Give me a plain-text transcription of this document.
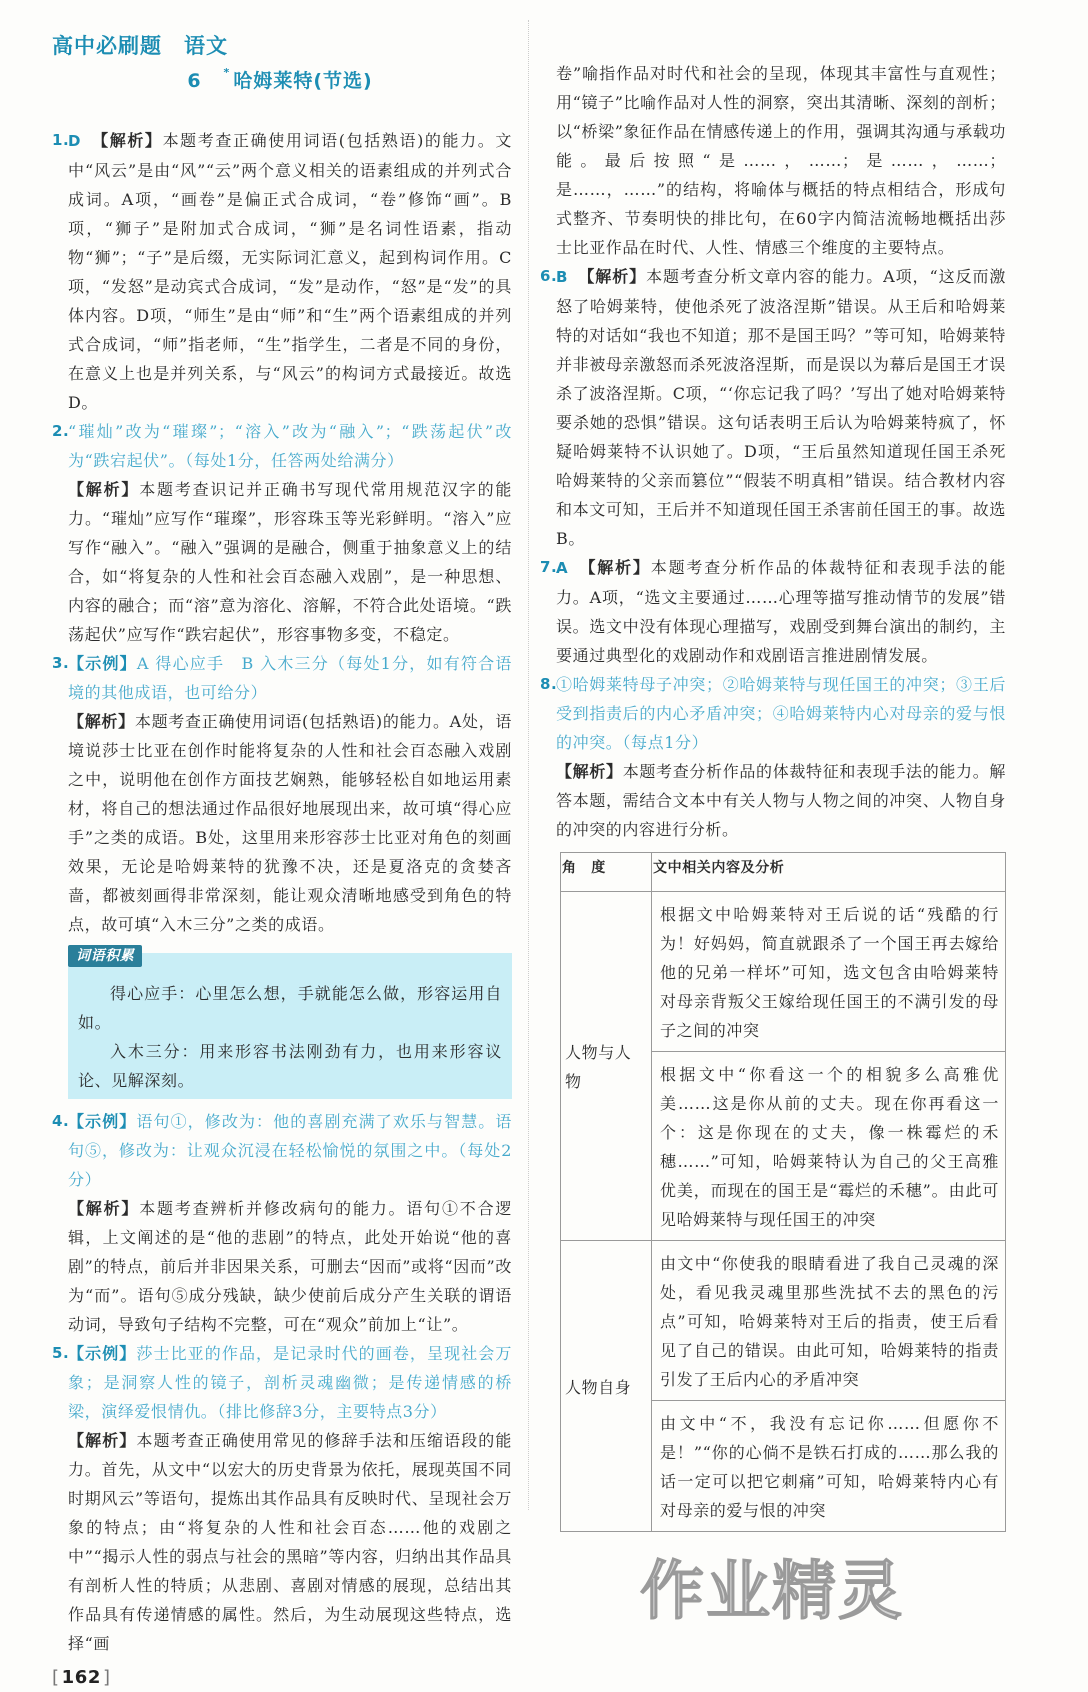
高中必刷题 语文
6 * 哈姆莱特(节选)
1.

D 【解析】本题考查正确使用词语(包括熟语)的能力。文中“风云”是由“风”“云”两个意义相关的语素组成的并列式合成词。A项，“画卷”是偏正式合成词，“卷”修饰“画”。B项，“狮子”是附加式合成词，“狮”是名词性语素，指动物“狮”；“子”是后缀，无实际词汇意义，起到构词作用。C项，“发怒”是动宾式合成词，“发”是动作，“怒”是“发”的具体内容。D项，“师生”是由“师”和“生”两个语素组成的并列式合成词，“师”指老师，“生”指学生，二者是不同的身份，在意义上也是并列关系，与“风云”的构词方式最接近。故选D。

2.

“璀灿”改为“璀璨”；“溶入”改为“融入”；“跌荡起伏”改为“跌宕起伏”。（每处1分，任答两处给满分）

【解析】本题考查识记并正确书写现代常用规范汉字的能力。“璀灿”应写作“璀璨”，形容珠玉等光彩鲜明。“溶入”应写作“融入”。“融入”强调的是融合，侧重于抽象意义上的结合，如“将复杂的人性和社会百态融入戏剧”，是一种思想、内容的融合；而“溶”意为溶化、溶解，不符合此处语境。“跌荡起伏”应写作“跌宕起伏”，形容事物多变，不稳定。

3.

【示例】A 得心应手　B 入木三分（每处1分，如有符合语境的其他成语，也可给分）

【解析】本题考查正确使用词语(包括熟语)的能力。A处，语境说莎士比亚在创作时能将复杂的人性和社会百态融入戏剧之中，说明他在创作方面技艺娴熟，能够轻松自如地运用素材，将自己的想法通过作品很好地展现出来，故可填“得心应手”之类的成语。B处，这里用来形容莎士比亚对角色的刻画效果，无论是哈姆莱特的犹豫不决，还是夏洛克的贪婪吝啬，都被刻画得非常深刻，能让观众清晰地感受到角色的特点，故可填“入木三分”之类的成语。

词语积累

得心应手：心里怎么想，手就能怎么做，形容运用自如。

入木三分：用来形容书法刚劲有力，也用来形容议论、见解深刻。

4.

【示例】语句①，修改为：他的喜剧充满了欢乐与智慧。语句⑤，修改为：让观众沉浸在轻松愉悦的氛围之中。（每处2分）

【解析】本题考查辨析并修改病句的能力。语句①不合逻辑，上文阐述的是“他的悲剧”的特点，此处开始说“他的喜剧”的特点，前后并非因果关系，可删去“因而”或将“因而”改为“而”。语句⑤成分残缺，缺少使前后成分产生关联的谓语动词，导致句子结构不完整，可在“观众”前加上“让”。

5.

【示例】莎士比亚的作品，是记录时代的画卷，呈现社会万象；是洞察人性的镜子，剖析灵魂幽微；是传递情感的桥梁，演绎爱恨情仇。（排比修辞3分，主要特点3分）

【解析】本题考查正确使用常见的修辞手法和压缩语段的能力。首先，从文中“以宏大的历史背景为依托，展现英国不同时期风云”等语句，提炼出其作品具有反映时代、呈现社会万象的特点；由“将复杂的人性和社会百态……他的戏剧之中”“揭示人性的弱点与社会的黑暗”等内容，归纳出其作品具有剖析人性的特质；从悲剧、喜剧对情感的展现，总结出其作品具有传递情感的属性。然后，为生动展现这些特点，选择“画

[ 162 ]

卷”喻指作品对时代和社会的呈现，体现其丰富性与直观性；用“镜子”比喻作品对人性的洞察，突出其清晰、深刻的剖析；以“桥梁”象征作品在情感传递上的作用，强调其沟通与承载功能。最后按照“是……，……；是……，……；是……，……”的结构，将喻体与概括的特点相结合，形成句式整齐、节奏明快的排比句，在60字内简洁流畅地概括出莎士比亚作品在时代、人性、情感三个维度的主要特点。

6.

B 【解析】本题考查分析文章内容的能力。A项，“这反而激怒了哈姆莱特，使他杀死了波洛涅斯”错误。从王后和哈姆莱特的对话如“我也不知道；那不是国王吗？”等可知，哈姆莱特并非被母亲激怒而杀死波洛涅斯，而是误以为幕后是国王才误杀了波洛涅斯。C项，“‘你忘记我了吗？’写出了她对哈姆莱特要杀她的恐惧”错误。这句话表明王后认为哈姆莱特疯了，怀疑哈姆莱特不认识她了。D项，“王后虽然知道现任国王杀死哈姆莱特的父亲而篡位”“假装不明真相”错误。结合教材内容和本文可知，王后并不知道现任国王杀害前任国王的事。故选B。

7.

A 【解析】本题考查分析作品的体裁特征和表现手法的能力。A项，“选文主要通过……心理等描写推动情节的发展”错误。选文中没有体现心理描写，戏剧受到舞台演出的制约，主要通过典型化的戏剧动作和戏剧语言推进剧情发展。

8.

①哈姆莱特母子冲突；②哈姆莱特与现任国王的冲突；③王后受到指责后的内心矛盾冲突；④哈姆莱特内心对母亲的爱与恨的冲突。（每点1分）

【解析】本题考查分析作品的体裁特征和表现手法的能力。解答本题，需结合文本中有关人物与人物之间的冲突、人物自身的冲突的内容进行分析。

角　度	文中相关内容及分析
人物与人物	根据文中哈姆莱特对王后说的话“残酷的行为！好妈妈，简直就跟杀了一个国王再去嫁给他的兄弟一样坏”可知，选文包含由哈姆莱特对母亲背叛父王嫁给现任国王的不满引发的母子之间的冲突
	根据文中“你看这一个的相貌多么高雅优美……这是你从前的丈夫。现在你再看这一个：这是你现在的丈夫，像一株霉烂的禾穗……”可知，哈姆莱特认为自己的父王高雅优美，而现在的国王是“霉烂的禾穗”。由此可见哈姆莱特与现任国王的冲突
人物自身	由文中“你使我的眼睛看进了我自己灵魂的深处，看见我灵魂里那些洗拭不去的黑色的污点”可知，哈姆莱特对王后的指责，使王后看见了自己的错误。由此可知，哈姆莱特的指责引发了王后内心的矛盾冲突
	由文中“不，我没有忘记你……但愿你不是！”“你的心倘不是铁石打成的……那么我的话一定可以把它刺痛”可知，哈姆莱特内心有对母亲的爱与恨的冲突
作业精灵
